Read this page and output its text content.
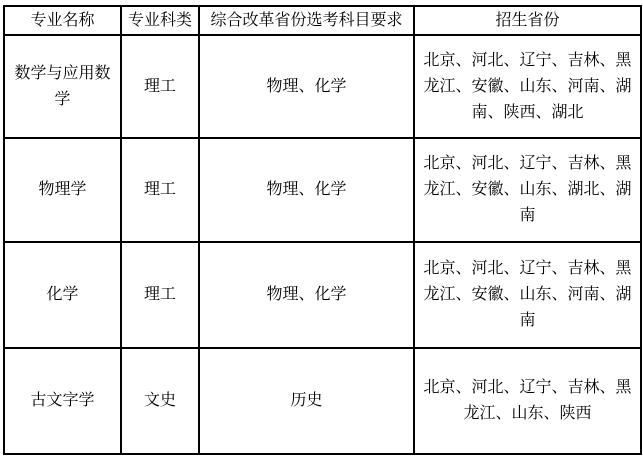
专业名称	专业科类	综合改革省份选考科目要求	招生省份
数学与应用数学	理工	物理、化学	北京、河北、辽宁、吉林、黑龙江、安徽、山东、河南、湖南、陕西、湖北
物理学	理工	物理、化学	北京、河北、辽宁、吉林、黑龙江、安徽、山东、湖北、湖南
化学	理工	物理、化学	北京、河北、辽宁、吉林、黑龙江、安徽、山东、河南、湖南
古文字学	文史	历史	北京、河北、辽宁、吉林、黑龙江、山东、陕西
